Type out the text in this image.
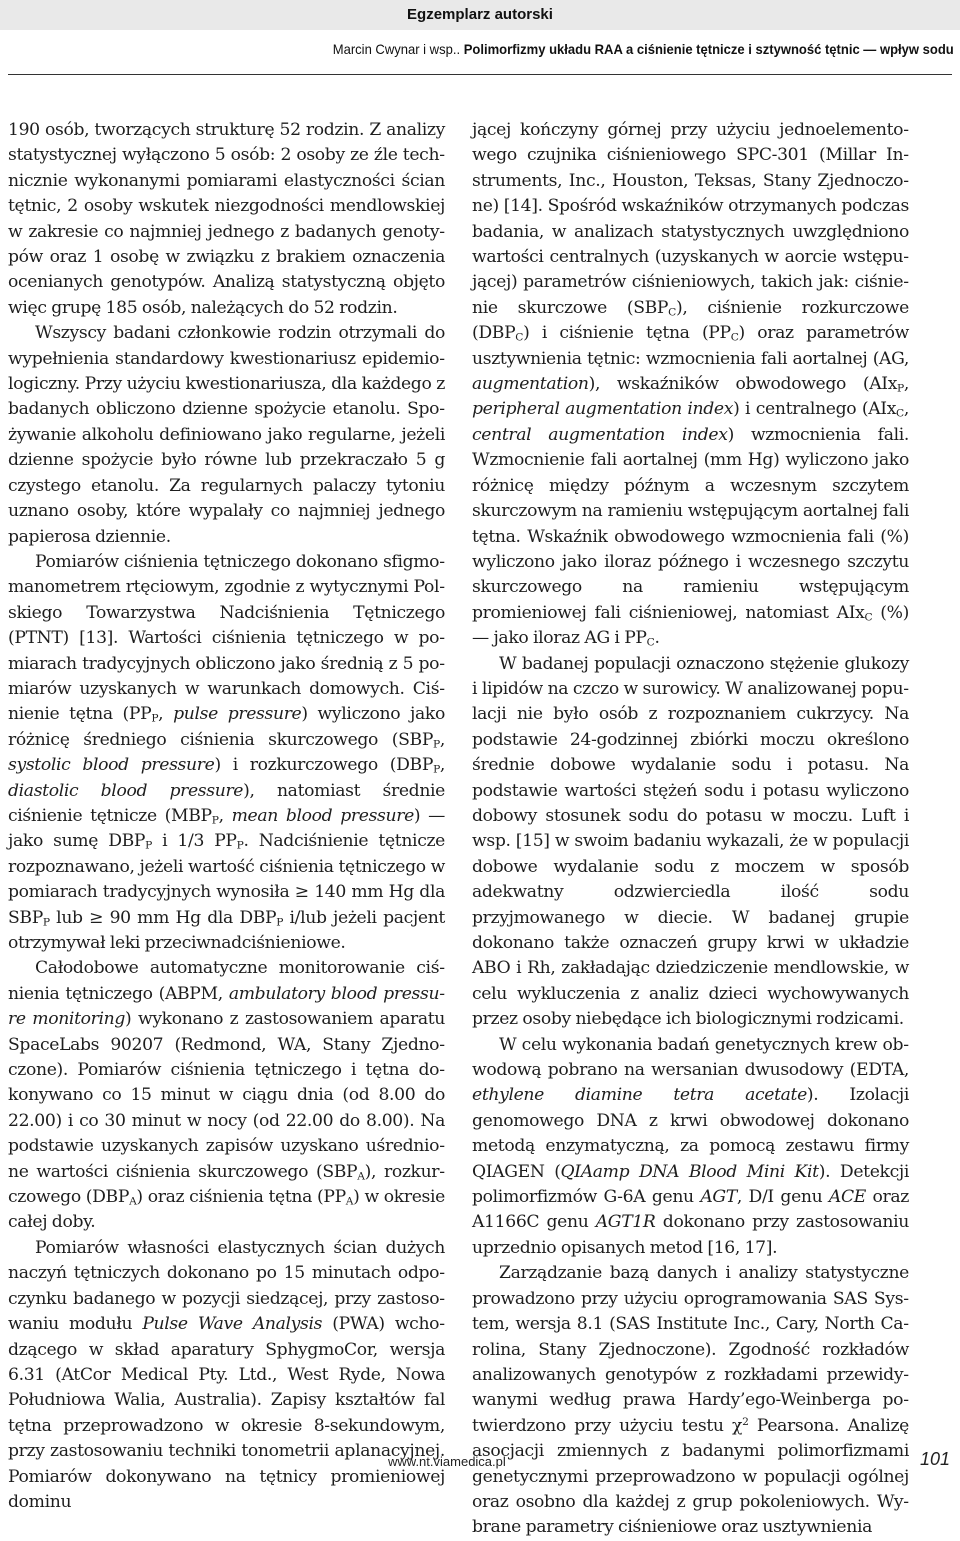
Egzemplarz autorski
Marcin Cwynar i wsp.. Polimorfizmy układu RAA a ciśnienie tętnicze i sztywność tętnic — wpływ sodu

190 osób, tworzących strukturę 52 rodzin. Z analizy statystycznej wyłączono 5 osób: 2 osoby ze źle technicznie wykonanymi pomiarami elastyczności ścian tętnic, 2 osoby wskutek niezgodności mendlowskiej w zakresie co najmniej jednego z badanych genotypów oraz 1 osobę w związku z brakiem oznaczenia ocenianych genotypów. Analizą statystyczną objęto więc grupę 185 osób, należących do 52 rodzin.

Wszyscy badani członkowie rodzin otrzymali do wypełnienia standardowy kwestionariusz epidemiologiczny. Przy użyciu kwestionariusza, dla każdego z badanych obliczono dzienne spożycie etanolu. Spożywanie alkoholu definiowano jako regularne, jeżeli dzienne spożycie było równe lub przekraczało 5 g czystego etanolu. Za regularnych palaczy tytoniu uznano osoby, które wypalały co najmniej jednego papierosa dziennie.

Pomiarów ciśnienia tętniczego dokonano sfigmomanometrem rtęciowym, zgodnie z wytycznymi Polskiego Towarzystwa Nadciśnienia Tętniczego (PTNT) [13]. Wartości ciśnienia tętniczego w pomiarach tradycyjnych obliczono jako średnią z 5 pomiarów uzyskanych w warunkach domowych. Ciśnienie tętna ($PP_P$, pulse pressure) wyliczono jako różnicę średniego ciśnienia skurczowego ($SBP_P$, systolic blood pressure) i rozkurczowego ($DBP_P$, diastolic blood pressure), natomiast średnie ciśnienie tętnicze ($MBP_P$, mean blood pressure) — jako sumę $DBP_P$ i 1/3 $PP_P$. Nadciśnienie tętnicze rozpoznawano, jeżeli wartość ciśnienia tętniczego w pomiarach tradycyjnych wynosiła ≥ 140 mm Hg dla $SBP_P$ lub ≥ 90 mm Hg dla $DBP_P$ i/lub jeżeli pacjent otrzymywał leki przeciwnadciśnieniowe.

Całodobowe automatyczne monitorowanie ciśnienia tętniczego (ABPM, ambulatory blood pressure monitoring) wykonano z zastosowaniem aparatu SpaceLabs 90207 (Redmond, WA, Stany Zjednoczone). Pomiarów ciśnienia tętniczego i tętna dokonywano co 15 minut w ciągu dnia (od 8.00 do 22.00) i co 30 minut w nocy (od 22.00 do 8.00). Na podstawie uzyskanych zapisów uzyskano uśrednione wartości ciśnienia skurczowego $(SBP_A)$, rozkurczowego $(DBP_A)$ oraz ciśnienia tętna $(PP_A)$ w okresie całej doby.

Pomiarów własności elastycznych ścian dużych naczyń tętniczych dokonano po 15 minutach odpoczynku badanego w pozycji siedzącej, przy zastosowaniu modułu Pulse Wave Analysis (PWA) wchodzącego w skład aparatury SphygmoCor, wersja 6.31 (AtCor Medical Pty. Ltd., West Ryde, Nowa Południowa Walia, Australia). Zapisy kształtów fal tętna przeprowadzono w okresie 8-sekundowym, przy zastosowaniu techniki tonometrii aplanacyjnej. Pomiarów dokonywano na tętnicy promieniowej dominu

jącej kończyny górnej przy użyciu jednoelementowego czujnika ciśnieniowego SPC-301 (Millar Instruments, Inc., Houston, Teksas, Stany Zjednoczone) [14]. Spośród wskaźników otrzymanych podczas badania, w analizach statystycznych uwzględniono wartości centralnych (uzyskanych w aorcie wstępującej) parametrów ciśnieniowych, takich jak: ciśnienie skurczowe $(SBP_C)$, ciśnienie rozkurczowe $(DBP_C)$ i ciśnienie tętna $(PP_C)$ oraz parametrów usztywnienia tętnic: wzmocnienia fali aortalnej (AG, augmentation), wskaźników obwodowego (AIx$_P$, peripheral augmentation index) i centralnego (AIx$_C$, central augmentation index) wzmocnienia fali. Wzmocnienie fali aortalnej (mm Hg) wyliczono jako różnicę między późnym a wczesnym szczytem skurczowym na ramieniu wstępującym aortalnej fali tętna. Wskaźnik obwodowego wzmocnienia fali (%) wyliczono jako iloraz późnego i wczesnego szczytu skurczowego na ramieniu wstępującym promieniowej fali ciśnieniowej, natomiast AIx$_C$ (%) — jako iloraz AG i $PP_C$.

W badanej populacji oznaczono stężenie glukozy i lipidów na czczo w surowicy. W analizowanej populacji nie było osób z rozpoznaniem cukrzycy. Na podstawie 24-godzinnej zbiórki moczu określono średnie dobowe wydalanie sodu i potasu. Na podstawie wartości stężeń sodu i potasu wyliczono dobowy stosunek sodu do potasu w moczu. Luft i wsp. [15] w swoim badaniu wykazali, że w populacji dobowe wydalanie sodu z moczem w sposób adekwatny odzwierciedla ilość sodu przyjmowanego w diecie. W badanej grupie dokonano także oznaczeń grupy krwi w układzie ABO i Rh, zakładając dziedziczenie mendlowskie, w celu wykluczenia z analiz dzieci wychowywanych przez osoby niebędące ich biologicznymi rodzicami.

W celu wykonania badań genetycznych krew obwodową pobrano na wersanian dwusodowy (EDTA, ethylene diamine tetra acetate). Izolacji genomowego DNA z krwi obwodowej dokonano metodą enzymatyczną, za pomocą zestawu firmy QIAGEN (QIAamp DNA Blood Mini Kit). Detekcji polimorfizmów G-6A genu AGT, D/I genu ACE oraz A1166C genu AGT1R dokonano przy zastosowaniu uprzednio opisanych metod [16, 17].

Zarządzanie bazą danych i analizy statystyczne prowadzono przy użyciu oprogramowania SAS System, wersja 8.1 (SAS Institute Inc., Cary, North Carolina, Stany Zjednoczone). Zgodność rozkładów analizowanych genotypów z rozkładami przewidywanymi według prawa Hardy’ego-Weinberga potwierdzono przy użyciu testu $\chi^2$ Pearsona. Analizę asocjacji zmiennych z badanymi polimorfizmami genetycznymi przeprowadzono w populacji ogólnej oraz osobno dla każdej z grup pokoleniowych. Wybrane parametry ciśnieniowe oraz usztywnienia

www.nt.viamedica.pl	101
